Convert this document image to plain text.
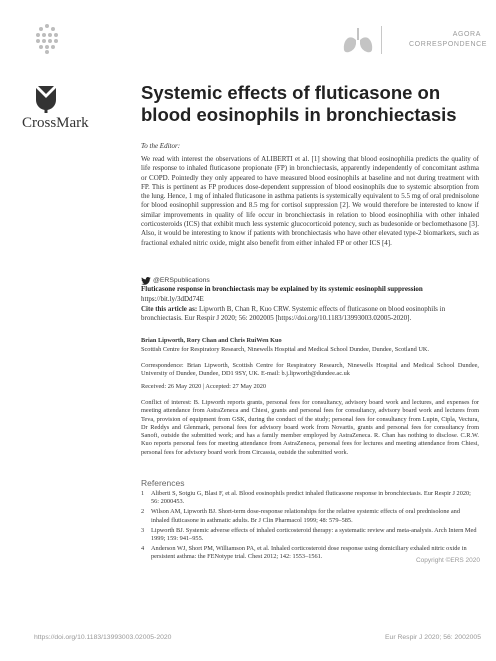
AGORA
CORRESPONDENCE
CrossMark
Systemic effects of fluticasone on blood eosinophils in bronchiectasis
To the Editor:
We read with interest the observations of ALIBERTI et al. [1] showing that blood eosinophilia predicts the quality of life response to inhaled fluticasone propionate (FP) in bronchiectasis, apparently independently of concomitant asthma or COPD. Pointedly they only appeared to have measured blood eosinophils at baseline and not during treatment with FP. This is pertinent as FP produces dose-dependent suppression of blood eosinophils due to systemic absorption from the lung. Hence, 1 mg of inhaled fluticasone in asthma patients is systemically equivalent to 5.5 mg of oral prednisolone for blood eosinophil suppression and 8.5 mg for cortisol suppression [2]. We would therefore be interested to know if similar improvements in quality of life occur in bronchiectasis in relation to blood eosinophilia with other inhaled corticosteroids (ICS) that exhibit much less systemic glucocorticoid potency, such as budesonide or beclomethasone [3]. Also, it would be interesting to know if patients with bronchiectasis who have other elevated type-2 biomarkers, such as fractional exhaled nitric oxide, might also benefit from either inhaled FP or other ICS [4].
@ERSpublications
Fluticasone response in bronchiectasis may be explained by its systemic eosinophil suppression https://bit.ly/3dDd74E
Cite this article as: Lipworth B, Chan R, Kuo CRW. Systemic effects of fluticasone on blood eosinophils in bronchiectasis. Eur Respir J 2020; 56: 2002005 [https://doi.org/10.1183/13993003.02005-2020].
Brian Lipworth, Rory Chan and Chris RuiWen Kuo
Scottish Centre for Respiratory Research, Ninewells Hospital and Medical School Dundee, Dundee, Scotland UK.
Correspondence: Brian Lipworth, Scottish Centre for Respiratory Research, Ninewells Hospital and Medical School Dundee, University of Dundee, Dundee, DD1 9SY, UK. E-mail: b.j.lipworth@dundee.ac.uk
Received: 26 May 2020 | Accepted: 27 May 2020
Conflict of interest: B. Lipworth reports grants, personal fees for consultancy, advisory board work and lectures, and expenses for meeting attendance from AstraZeneca and Chiesi, grants and personal fees for consultancy, advisory board work and lectures from Teva, provision of equipment from GSK, during the conduct of the study; personal fees for consultancy from Lupin, Cipla, Vectura, Dr Reddys and Glenmark, personal fees for advisory board work from Novartis, grants and personal fees for consultancy from Sanofi, outside the submitted work; and has a family member employed by AstraZeneca. R. Chan has nothing to disclose. C.R.W. Kuo reports personal fees for meeting attendance from AstraZeneca, personal fees for lectures and meeting attendance from Chiesi, personal fees for advisory board work from Circassia, outside the submitted work.
References
1	Aliberti S, Sotgiu G, Blasi F, et al. Blood eosinophils predict inhaled fluticasone response in bronchiectasis. Eur Respir J 2020; 56: 2000453.
2	Wilson AM, Lipworth BJ. Short-term dose-response relationships for the relative systemic effects of oral prednisolone and inhaled fluticasone in asthmatic adults. Br J Clin Pharmacol 1999; 48: 579–585.
3	Lipworth BJ. Systemic adverse effects of inhaled corticosteroid therapy: a systematic review and meta-analysis. Arch Intern Med 1999; 159: 941–955.
4	Anderson WJ, Short PM, Williamson PA, et al. Inhaled corticosteroid dose response using domiciliary exhaled nitric oxide in persistent asthma: the FENotype trial. Chest 2012; 142: 1553–1561.
Copyright ©ERS 2020
https://doi.org/10.1183/13993003.02005-2020	Eur Respir J 2020; 56: 2002005
